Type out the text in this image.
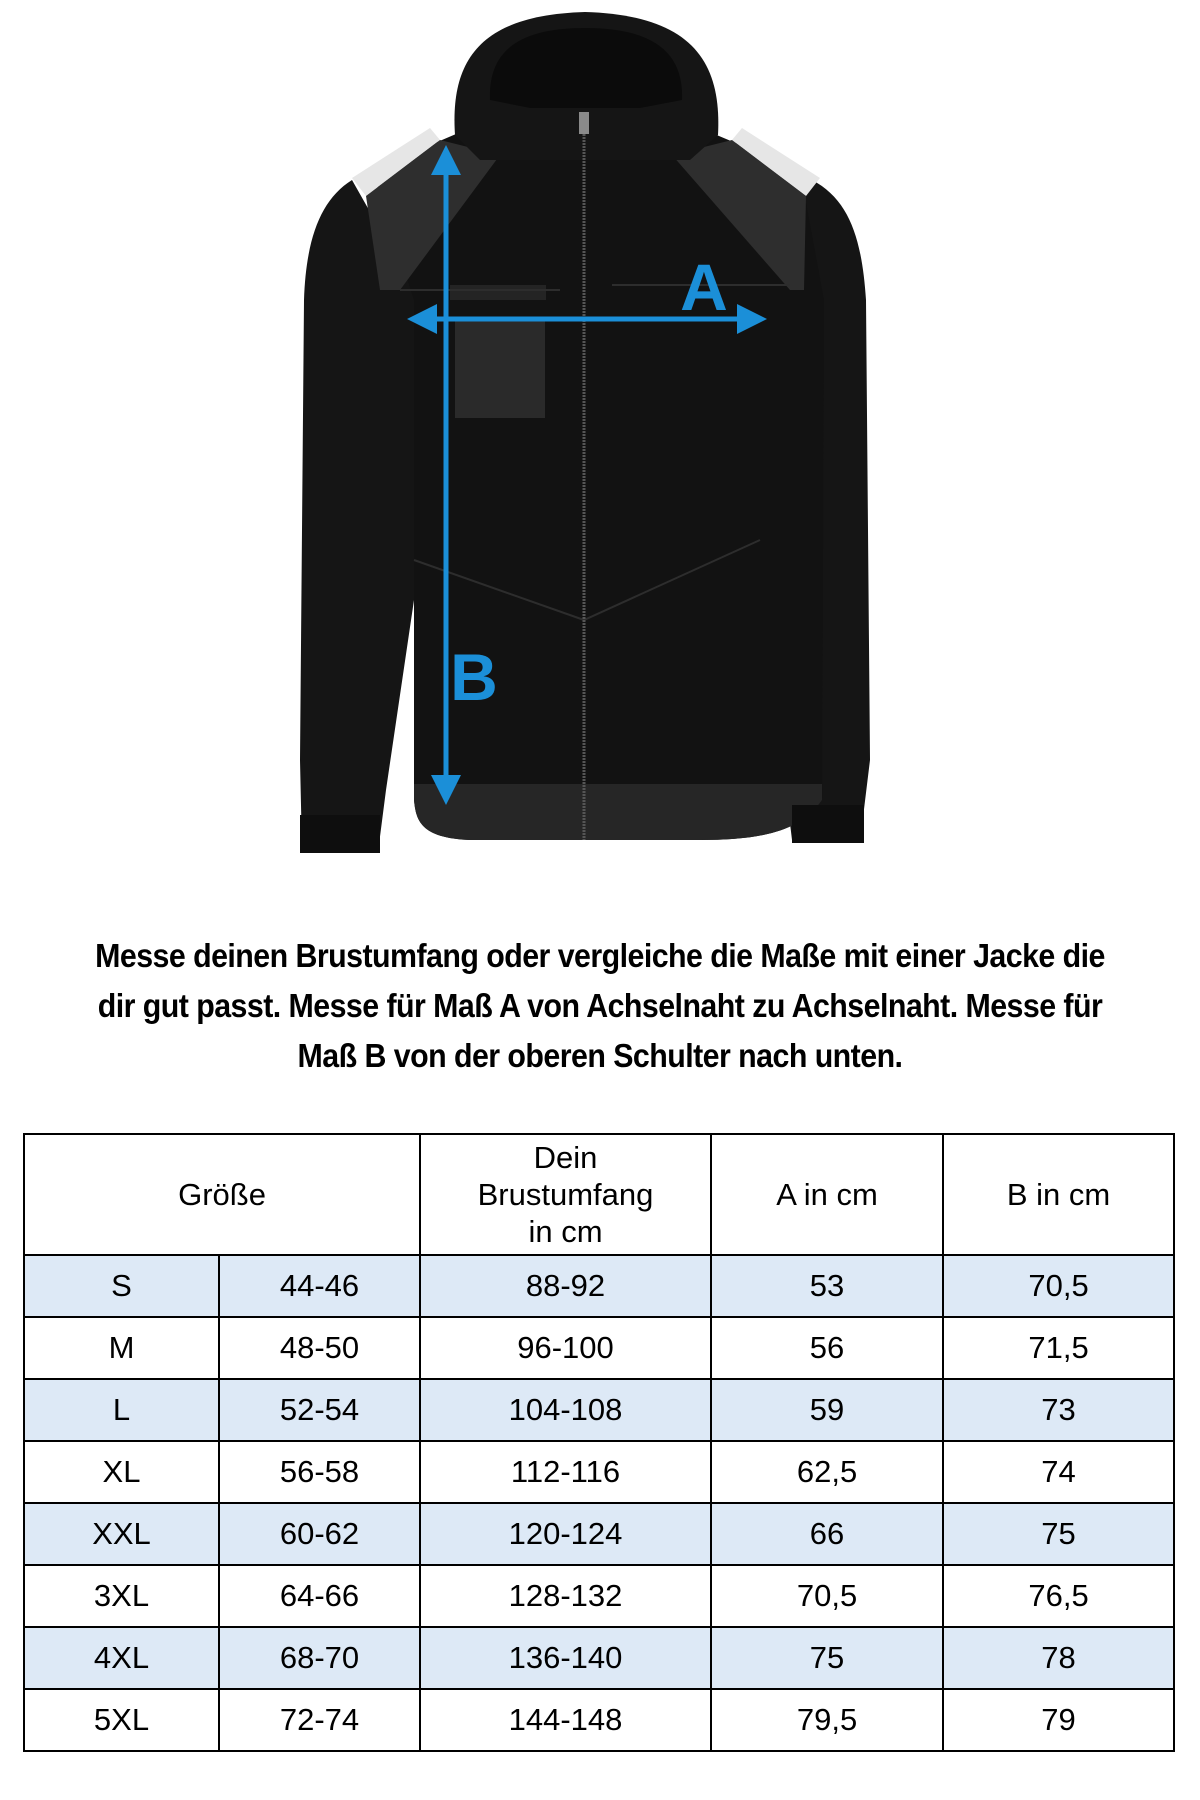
A
B

Messe deinen Brustumfang oder vergleiche die Maße mit einer Jacke die dir gut passt. Messe für Maß A von Achselnaht zu Achselnaht. Messe für Maß B von der oberen Schulter nach unten.

Größe		Dein
Brustumfang
in cm	A in cm	B in cm
S	44-46	88-92	53	70,5
M	48-50	96-100	56	71,5
L	52-54	104-108	59	73
XL	56-58	112-116	62,5	74
XXL	60-62	120-124	66	75
3XL	64-66	128-132	70,5	76,5
4XL	68-70	136-140	75	78
5XL	72-74	144-148	79,5	79
